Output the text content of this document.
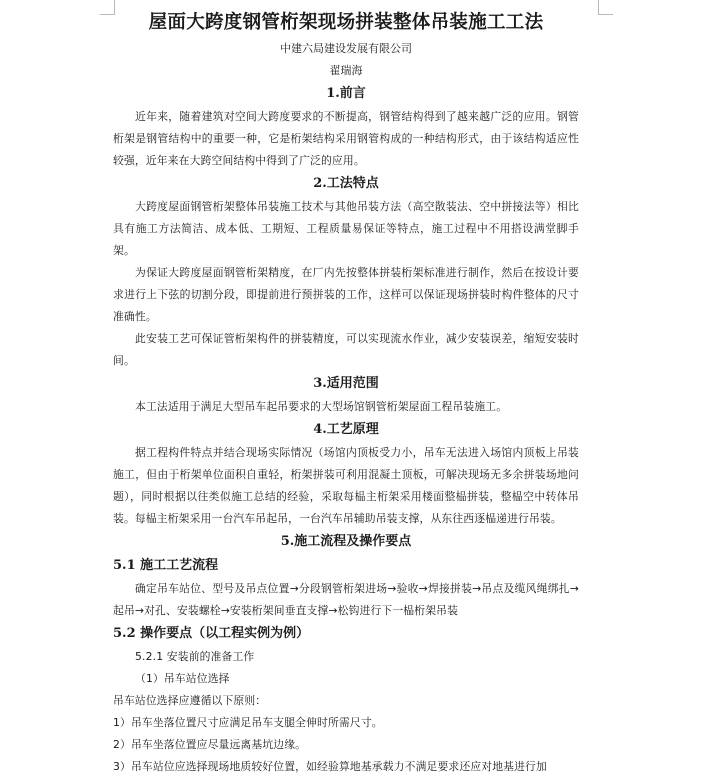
屋面大跨度钢管桁架现场拼装整体吊装施工工法
中建六局建设发展有限公司
翟瑞海
1.前言

近年来，随着建筑对空间大跨度要求的不断提高，钢管结构得到了越来越广泛的应用。钢管桁架是钢管结构中的重要一种，它是桁架结构采用钢管构成的一种结构形式，由于该结构适应性较强，近年来在大跨空间结构中得到了广泛的应用。

2.工法特点

大跨度屋面钢管桁架整体吊装施工技术与其他吊装方法（高空散装法、空中拼接法等）相比具有施工方法简洁、成本低、工期短、工程质量易保证等特点，施工过程中不用搭设满堂脚手架。

为保证大跨度屋面钢管桁架精度，在厂内先按整体拼装桁架标准进行制作，然后在按设计要求进行上下弦的切割分段，即提前进行预拼装的工作，这样可以保证现场拼装时构件整体的尺寸准确性。

此安装工艺可保证管桁架构件的拼装精度，可以实现流水作业，减少安装误差，缩短安装时间。

3.适用范围

本工法适用于满足大型吊车起吊要求的大型场馆钢管桁架屋面工程吊装施工。

4.工艺原理

据工程构件特点并结合现场实际情况（场馆内顶板受力小，吊车无法进入场馆内顶板上吊装施工，但由于桁架单位面积自重轻，桁架拼装可利用混凝土顶板，可解决现场无多余拼装场地问题），同时根据以往类似施工总结的经验，采取每榀主桁架采用楼面整榀拼装，整榀空中转体吊装。每榀主桁架采用一台汽车吊起吊，一台汽车吊辅助吊装支撑，从东往西逐榀递进行吊装。

5.施工流程及操作要点
5.1 施工工艺流程

确定吊车站位、型号及吊点位置→分段钢管桁架进场→验收→焊接拼装→吊点及缆风绳绑扎→起吊→对孔、安装螺栓→安装桁架间垂直支撑→松钩进行下一榀桁架吊装

5.2 操作要点（以工程实例为例）

5.2.1 安装前的准备工作

（1）吊车站位选择

吊车站位选择应遵循以下原则：

1）吊车坐落位置尺寸应满足吊车支腿全伸时所需尺寸。

2）吊车坐落位置应尽量远离基坑边缘。

3）吊车站位应选择现场地质较好位置，如经验算地基承载力不满足要求还应对地基进行加
